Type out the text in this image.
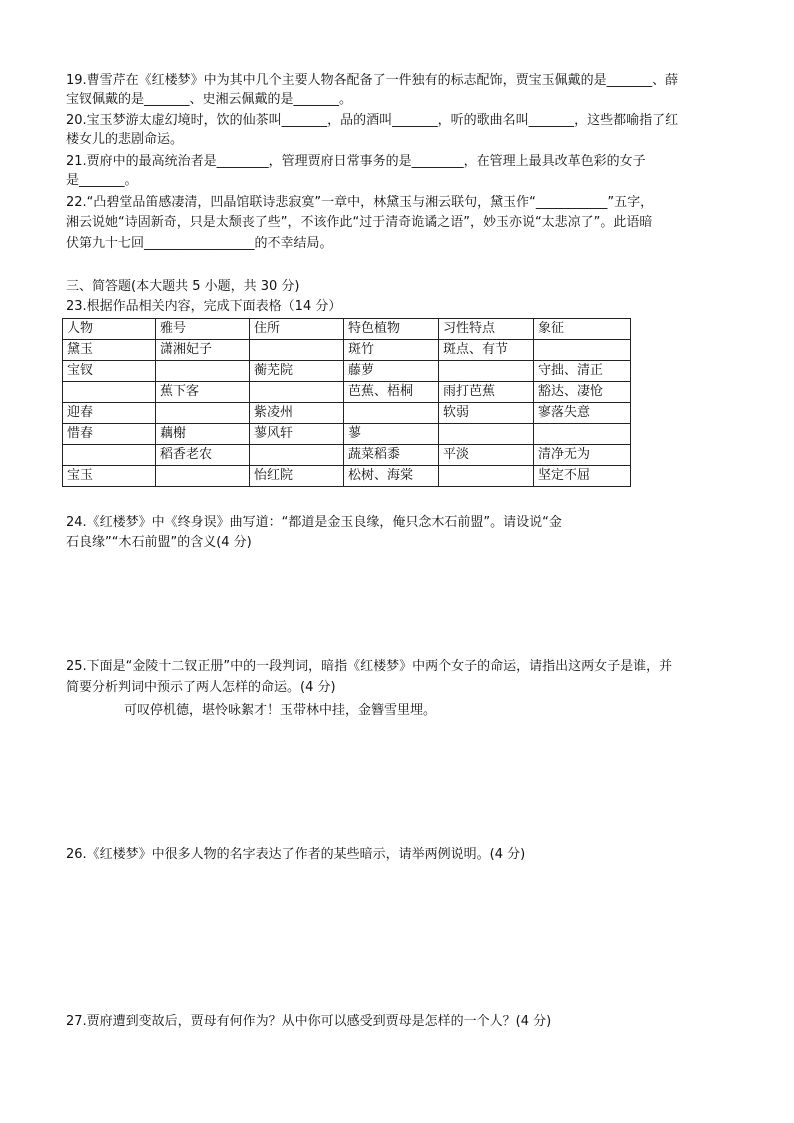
19.曹雪芹在《红楼梦》中为其中几个主要人物各配备了一件独有的标志配饰，贾宝玉佩戴的是_______、薛
宝钗佩戴的是_______、史湘云佩戴的是_______。
20.宝玉梦游太虚幻境时，饮的仙茶叫_______，品的酒叫_______，听的歌曲名叫_______，这些都喻指了红
楼女儿的悲剧命运。
21.贾府中的最高统治者是________，管理贾府日常事务的是________，在管理上最具改革色彩的女子
是_______。
22.“凸碧堂品笛感凄清，凹晶馆联诗悲寂寞”一章中，林黛玉与湘云联句，黛玉作“___________”五字，
湘云说她“诗固新奇，只是太颓丧了些”，不该作此“过于清奇诡谲之语”，妙玉亦说“太悲凉了”。此语暗
伏第九十七回_________________的不幸结局。
三、简答题(本大题共 5 小题，共 30 分)
23.根据作品相关内容，完成下面表格（14 分）
人物	雅号	住所	特色植物	习性特点	象征
黛玉	潇湘妃子		斑竹	斑点、有节	
宝钗		蘅芜院	藤萝		守拙、清正
	蕉下客		芭蕉、梧桐	雨打芭蕉	豁达、凄怆
迎春		紫凌州		软弱	寥落失意
惜春	藕榭	蓼风轩	蓼		
	稻香老农		蔬菜稻黍	平淡	清净无为
宝玉		怡红院	松树、海棠		坚定不屈
24.《红楼梦》中《终身误》曲写道：“都道是金玉良缘，俺只念木石前盟”。请设说“金
石良缘”“木石前盟”的含义(4 分)
25.下面是“金陵十二钗正册”中的一段判词，暗指《红楼梦》中两个女子的命运，请指出这两女子是谁，并
简要分析判词中预示了两人怎样的命运。(4 分)
可叹停机德，堪怜咏絮才！玉带林中挂，金簪雪里埋。
26.《红楼梦》中很多人物的名字表达了作者的某些暗示，请举两例说明。(4 分)
27.贾府遭到变故后，贾母有何作为？从中你可以感受到贾母是怎样的一个人？(4 分)
